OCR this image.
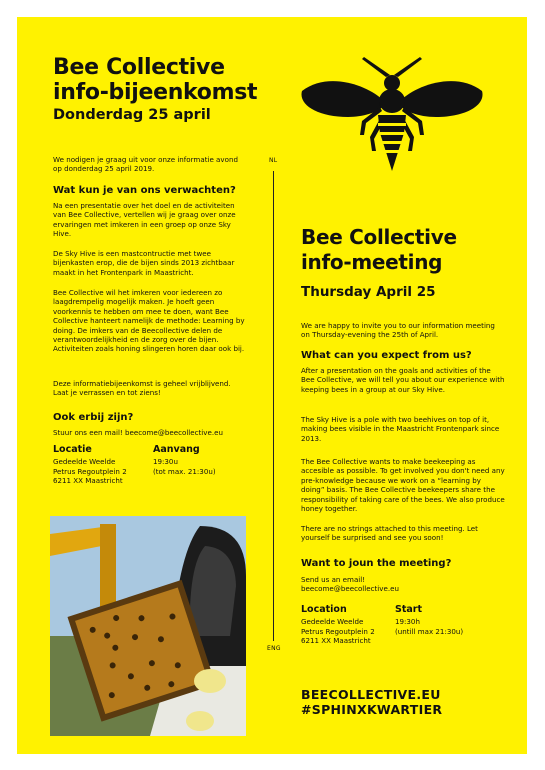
Bee Collective
info-bijeenkomst
Donderdag 25 april
NL
ENG
We nodigen je graag uit voor onze informatie avond op donderdag 25 april 2019.
Wat kun je van ons verwachten?
Na een presentatie over het doel en de activiteiten van Bee Collective, vertellen wij je graag over onze ervaringen met imkeren in een groep op onze Sky Hive.
De Sky Hive is een mastcontructie met twee bijenkasten erop, die de bijen sinds 2013 zichtbaar maakt in het Frontenpark in Maastricht.
Bee Collective wil het imkeren voor iedereen zo laagdrempelig mogelijk maken. Je hoeft geen voorkennis te hebben om mee te doen, want Bee Collective hanteert namelijk de methode: Learning by doing. De imkers van de Beecollective delen de verantwoordelijkheid en de zorg over de bijen. Activiteiten zoals honing slingeren horen daar ook bij.
Deze informatiebijeenkomst is geheel vrijblijvend. Laat je verrassen en tot ziens!
Ook erbij zijn?
Stuur ons een mail! beecome@beecollective.eu
Locatie
Gedeelde Weelde
Petrus Regoutplein 2
6211 XX Maastricht
Aanvang
19:30u
(tot max. 21:30u)
Bee Collective
info-meeting
Thursday April 25
We are happy to invite you to our information meeting on Thursday-evening the 25th of April.
What can you expect from us?
After a presentation on the goals and activities of the Bee Collective, we will tell you about our experience with keeping bees in a group at our Sky Hive.
The Sky Hive is a pole with two beehives on top of it, making bees visible in the Maastricht Frontenpark since 2013.
The Bee Collective wants to make beekeeping as accesible as possible. To get involved you don't need any pre-knowledge because we work on a “learning by doing” basis. The Bee Collective beekeepers share the responsibility of taking care of the bees. We also produce honey together.
There are no strings attached to this meeting. Let yourself be surprised and see you soon!
Want to joun the meeting?
Send us an email!
beecome@beecollective.eu
Location
Gedeelde Weelde
Petrus Regoutplein 2
6211 XX Maastricht
Start
19:30h
(untill max 21:30u)
BEECOLLECTIVE.EU
#SPHINXKWARTIER
